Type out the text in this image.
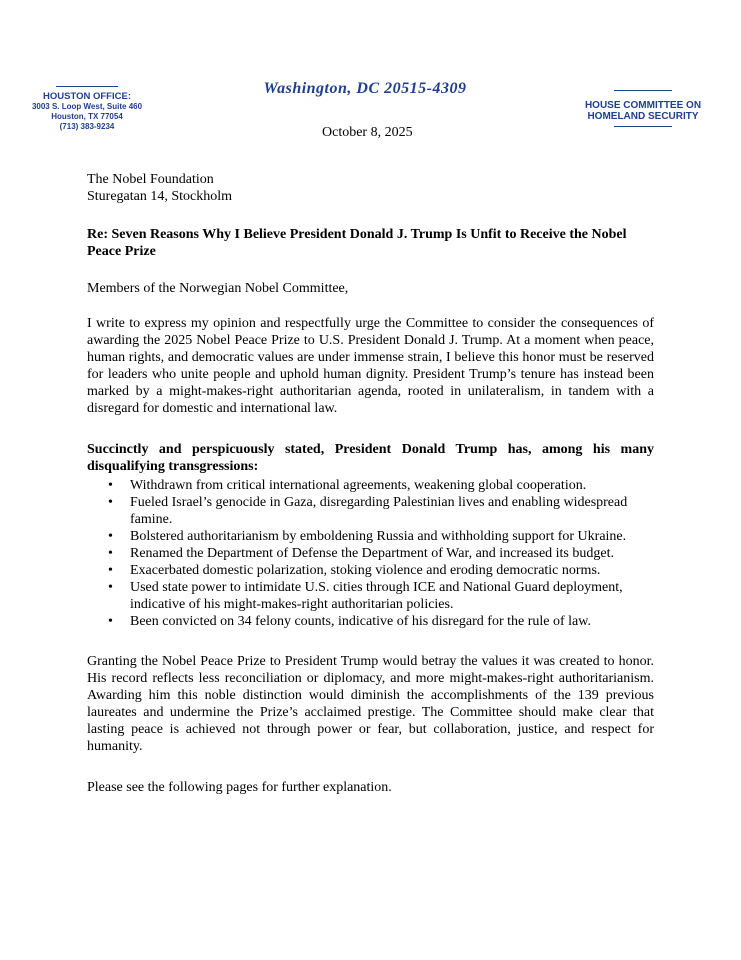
HOUSTON OFFICE:
3003 S. Loop West, Suite 460
Houston, TX 77054
(713) 383-9234
Washington, DC 20515-4309
HOUSE COMMITTEE ON
HOMELAND SECURITY
October 8, 2025
The Nobel Foundation
Sturegatan 14, Stockholm

Re: Seven Reasons Why I Believe President Donald J. Trump Is Unfit to Receive the Nobel Peace Prize

Members of the Norwegian Nobel Committee,

I write to express my opinion and respectfully urge the Committee to consider the consequences of awarding the 2025 Nobel Peace Prize to U.S. President Donald J. Trump. At a moment when peace, human rights, and democratic values are under immense strain, I believe this honor must be reserved for leaders who unite people and uphold human dignity. President Trump’s tenure has instead been marked by a might-makes-right authoritarian agenda, rooted in unilateralism, in tandem with a disregard for domestic and international law.

Succinctly and perspicuously stated, President Donald Trump has, among his many disqualifying transgressions:

• Withdrawn from critical international agreements, weakening global cooperation.
• Fueled Israel’s genocide in Gaza, disregarding Palestinian lives and enabling widespread famine.
• Bolstered authoritarianism by emboldening Russia and withholding support for Ukraine.
• Renamed the Department of Defense the Department of War, and increased its budget.
• Exacerbated domestic polarization, stoking violence and eroding democratic norms.
• Used state power to intimidate U.S. cities through ICE and National Guard deployment, indicative of his might-makes-right authoritarian policies.
• Been convicted on 34 felony counts, indicative of his disregard for the rule of law.

Granting the Nobel Peace Prize to President Trump would betray the values it was created to honor. His record reflects less reconciliation or diplomacy, and more might-makes-right authoritarianism. Awarding him this noble distinction would diminish the accomplishments of the 139 previous laureates and undermine the Prize’s acclaimed prestige. The Committee should make clear that lasting peace is achieved not through power or fear, but collaboration, justice, and respect for humanity.

Please see the following pages for further explanation.
